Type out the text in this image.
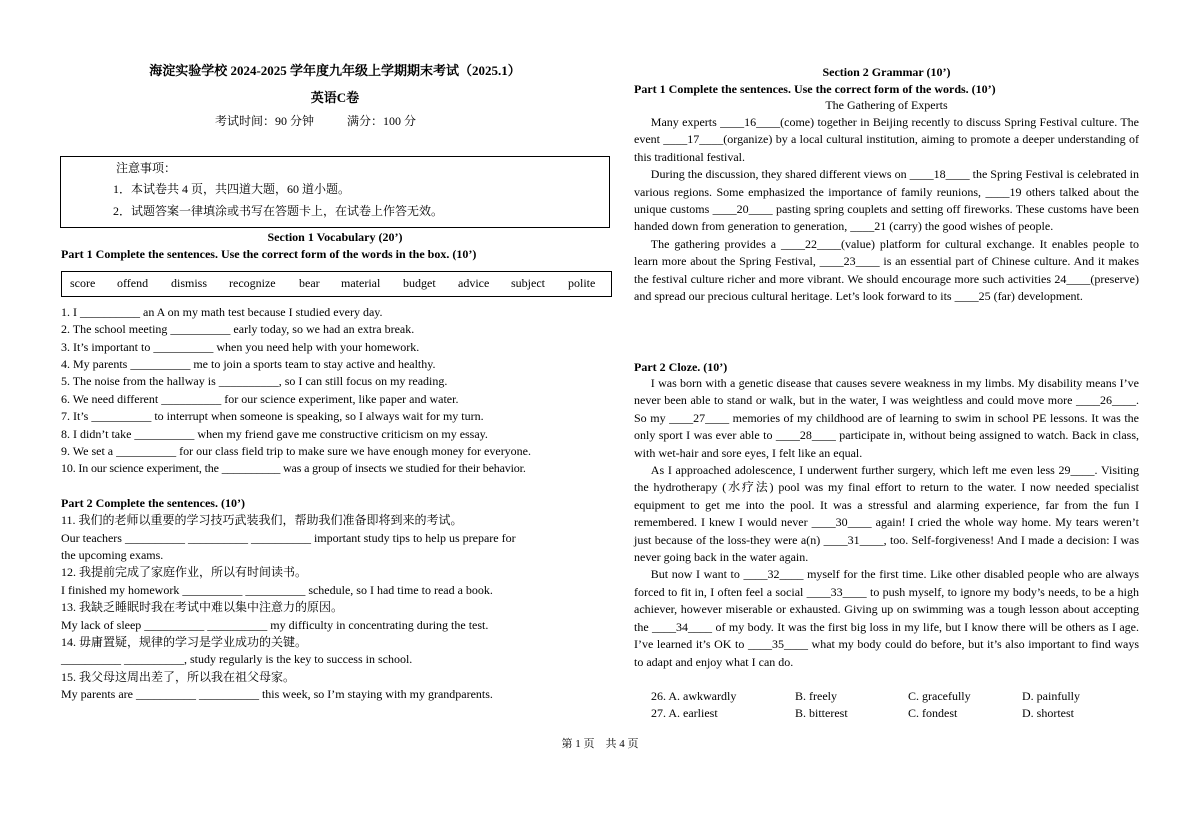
海淀实验学校 2024-2025 学年度九年级上学期期末考试（2025.1）
英语C卷
考试时间：90 分钟	满分：100 分
注意事项：
1．本试卷共 4 页，共四道大题，60 道小题。
2．试题答案一律填涂或书写在答题卡上，在试卷上作答无效。
Section 1 Vocabulary (20’)
Part 1 Complete the sentences. Use the correct form of the words in the box. (10’)
score offend dismiss recognize bear material budget advice subject polite
1. I __________ an A on my math test because I studied every day.
2. The school meeting __________ early today, so we had an extra break.
3. It’s important to __________ when you need help with your homework.
4. My parents __________ me to join a sports team to stay active and healthy.
5. The noise from the hallway is __________, so I can still focus on my reading.
6. We need different __________ for our science experiment, like paper and water.
7. It’s __________ to interrupt when someone is speaking, so I always wait for my turn.
8. I didn’t take __________ when my friend gave me constructive criticism on my essay.
9. We set a __________ for our class field trip to make sure we have enough money for everyone.
10. In our science experiment, the __________ was a group of insects we studied for their behavior.
Part 2 Complete the sentences. (10’)
11. 我们的老师以重要的学习技巧武装我们，帮助我们准备即将到来的考试。
Our teachers __________ __________ __________ important study tips to help us prepare for
the upcoming exams.
12. 我提前完成了家庭作业，所以有时间读书。
I finished my homework __________ __________ schedule, so I had time to read a book.
13. 我缺乏睡眠时我在考试中难以集中注意力的原因。
My lack of sleep __________ __________ my difficulty in concentrating during the test.
14. 毋庸置疑，规律的学习是学业成功的关键。
__________ __________, study regularly is the key to success in school.
15. 我父母这周出差了，所以我在祖父母家。
My parents are __________ __________ this week, so I’m staying with my grandparents.
Section 2 Grammar (10’)
Part 1 Complete the sentences. Use the correct form of the words. (10’)
The Gathering of Experts

Many experts ____16____(come) together in Beijing recently to discuss Spring Festival culture. The event ____17____(organize) by a local cultural institution, aiming to promote a deeper understanding of this traditional festival.

During the discussion, they shared different views on ____18____ the Spring Festival is celebrated in various regions. Some emphasized the importance of family reunions, ____19 others talked about the unique customs ____20____ pasting spring couplets and setting off fireworks. These customs have been handed down from generation to generation, ____21 (carry) the good wishes of people.

The gathering provides a ____22____(value) platform for cultural exchange. It enables people to learn more about the Spring Festival, ____23____ is an essential part of Chinese culture. And it makes the festival culture richer and more vibrant. We should encourage more such activities 24____(preserve) and spread our precious cultural heritage. Let’s look forward to its ____25 (far) development.

Part 2 Cloze. (10’)

I was born with a genetic disease that causes severe weakness in my limbs. My disability means I’ve never been able to stand or walk, but in the water, I was weightless and could move more ____26____. So my ____27____ memories of my childhood are of learning to swim in school PE lessons. It was the only sport I was ever able to ____28____ participate in, without being assigned to watch. Back in class, with wet-hair and sore eyes, I felt like an equal.

As I approached adolescence, I underwent further surgery, which left me even less 29____. Visiting the hydrotherapy (水疗法) pool was my final effort to return to the water. I now needed specialist equipment to get me into the pool. It was a stressful and alarming experience, far from the fun I remembered. I knew I would never ____30____ again! I cried the whole way home. My tears weren’t just because of the loss-they were a(n) ____31____, too. Self-forgiveness! And I made a decision: I was never going back in the water again.

But now I want to ____32____ myself for the first time. Like other disabled people who are always forced to fit in, I often feel a social ____33____ to push myself, to ignore my body’s needs, to be a high achiever, however miserable or exhausted. Giving up on swimming was a tough lesson about accepting the ____34____ of my body. It was the first big loss in my life, but I know there will be others as I age. I’ve learned it’s OK to ____35____ what my body could do before, but it’s also important to find ways to adapt and enjoy what I can do.

26. A. awkwardly	B. freely	C. gracefully	D. painfully
27. A. earliest	B. bitterest	C. fondest	D. shortest
第 1 页　共 4 页
